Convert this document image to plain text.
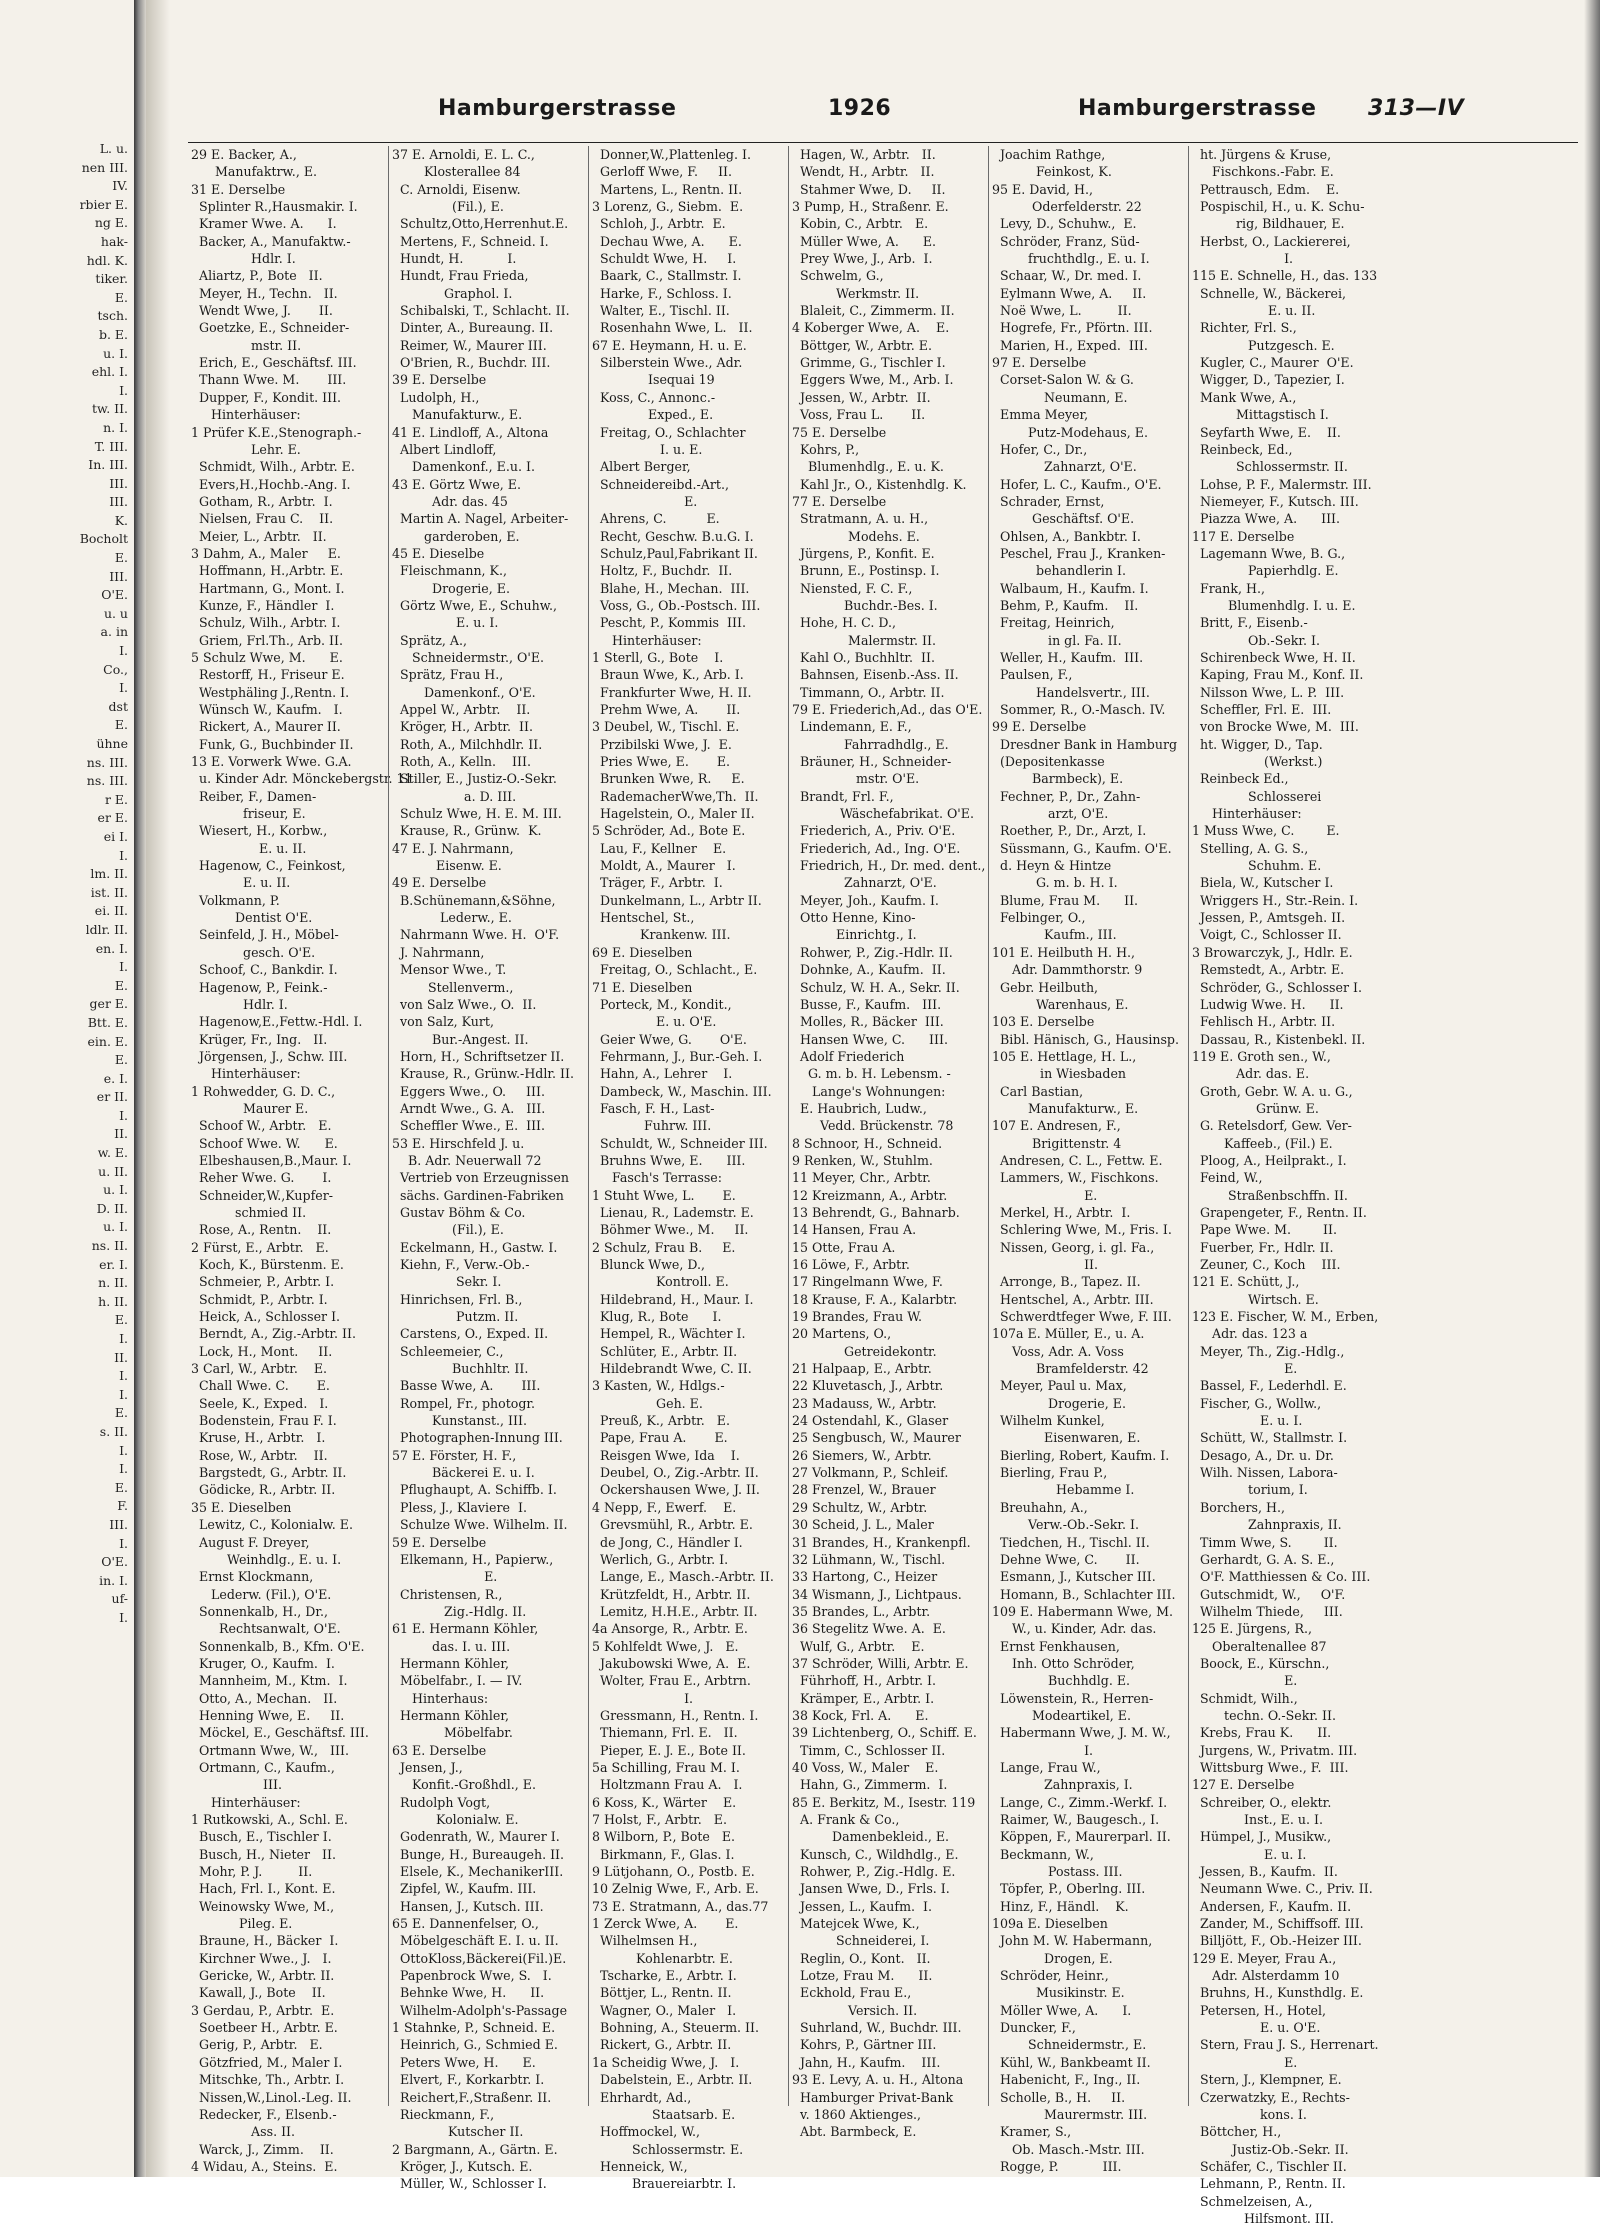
L. u.
nen III.
IV.
rbier E.
ng E.
hak-
hdl. K.
tiker.
E.
tsch.
b. E.
u. I.
ehl. I.
I.
tw. II.
n. I.
T. III.
In. III.
III.
III.
K.
Bocholt
E.
III.
O'E.
u. u
a. in
I.
Co.,
I.
dst
E.
ühne
ns. III.
ns. III.
r E.
er E.
ei I.
I.
lm. II.
ist. II.
ei. II.
ldlr. II.
en. I.
I.
E.
ger E.
Btt. E.
ein. E.
E.
e. I.
er II.
I.
II.
w. E.
u. II.
u. I.
D. II.
u. I.
ns. II.
er. I.
n. II.
h. II.
E.
I.
II.
I.
I.
E.
s. II.
I.
I.
E.
F.
III.
I.
O'E.
in. I.
uf-
I.
Hamburgerstrasse	1926	Hamburgerstrasse 313—IV
29 E. Backer, A.,
Manufaktrw., E.
31 E. Derselbe
Splinter R.,Hausmakir. I.
Kramer Wwe. A.      I.
Backer, A., Manufaktw.-
Hdlr. I.
Aliartz, P., Bote   II.
Meyer, H., Techn.   II.
Wendt Wwe, J.       II.
Goetzke, E., Schneider-
mstr. II.
Erich, E., Geschäftsf. III.
Thann Wwe. M.       III.
Dupper, F., Kondit. III.
Hinterhäuser:
1 Prüfer K.E.,Stenograph.-
Lehr. E.
Schmidt, Wilh., Arbtr. E.
Evers,H.,Hochb.-Ang. I.
Gotham, R., Arbtr.  I.
Nielsen, Frau C.    II.
Meier, L., Arbtr.   II.
3 Dahm, A., Maler     E.
Hoffmann, H.,Arbtr. E.
Hartmann, G., Mont. I.
Kunze, F., Händler  I.
Schulz, Wilh., Arbtr. I.
Griem, Frl.Th., Arb. II.
5 Schulz Wwe, M.      E.
Restorff, H., Friseur E.
Westphäling J.,Rentn. I.
Wünsch W., Kaufm.   I.
Rickert, A., Maurer II.
Funk, G., Buchbinder II.
13 E. Vorwerk Wwe. G.A.
u. Kinder Adr. Mönckebergstr. 11
Reiber, F., Damen-
friseur, E.
Wiesert, H., Korbw.,
E. u. II.
Hagenow, C., Feinkost,
E. u. II.
Volkmann, P.
Dentist O'E.
Seinfeld, J. H., Möbel-
gesch. O'E.
Schoof, C., Bankdir. I.
Hagenow, P., Feink.-
Hdlr. I.
Hagenow,E.,Fettw.-Hdl. I.
Krüger, Fr., Ing.   II.
Jörgensen, J., Schw. III.
Hinterhäuser:
1 Rohwedder, G. D. C.,
Maurer E.
Schoof W., Arbtr.   E.
Schoof Wwe. W.      E.
Elbeshausen,B.,Maur. I.
Reher Wwe. G.       I.
Schneider,W.,Kupfer-
schmied II.
Rose, A., Rentn.    II.
2 Fürst, E., Arbtr.   E.
Koch, K., Bürstenm. E.
Schmeier, P., Arbtr. I.
Schmidt, P., Arbtr. I.
Heick, A., Schlosser I.
Berndt, A., Zig.-Arbtr. II.
Lock, H., Mont.     II.
3 Carl, W., Arbtr.    E.
Chall Wwe. C.       E.
Seele, K., Exped.   I.
Bodenstein, Frau F. I.
Kruse, H., Arbtr.   I.
Rose, W., Arbtr.    II.
Bargstedt, G., Arbtr. II.
Gödicke, R., Arbtr. II.
35 E. Dieselben
Lewitz, C., Kolonialw. E.
August F. Dreyer,
Weinhdlg., E. u. I.
Ernst Klockmann,
Lederw. (Fil.), O'E.
Sonnenkalb, H., Dr.,
Rechtsanwalt, O'E.
Sonnenkalb, B., Kfm. O'E.
Kruger, O., Kaufm.  I.
Mannheim, M., Ktm.  I.
Otto, A., Mechan.   II.
Henning Wwe, E.     II.
Möckel, E., Geschäftsf. III.
Ortmann Wwe, W.,   III.
Ortmann, C., Kaufm.,
III.
Hinterhäuser:
1 Rutkowski, A., Schl. E.
Busch, E., Tischler I.
Busch, H., Nieter   II.
Mohr, P. J.         II.
Hach, Frl. I., Kont. E.
Weinowsky Wwe, M.,
Pileg. E.
Braune, H., Bäcker  I.
Kirchner Wwe., J.   I.
Gericke, W., Arbtr. II.
Kawall, J., Bote    II.
3 Gerdau, P., Arbtr.  E.
Soetbeer H., Arbtr. E.
Gerig, P., Arbtr.   E.
Götzfried, M., Maler I.
Mitschke, Th., Arbtr. I.
Nissen,W.,Linol.-Leg. II.
Redecker, F., Elsenb.-
Ass. II.
Warck, J., Zimm.    II.
4 Widau, A., Steins.  E.
37 E. Arnoldi, E. L. C.,
Klosterallee 84
C. Arnoldi, Eisenw.
(Fil.), E.
Schultz,Otto,Herrenhut.E.
Mertens, F., Schneid. I.
Hundt, H.           I.
Hundt, Frau Frieda,
Graphol. I.
Schibalski, T., Schlacht. II.
Dinter, A., Bureaung. II.
Reimer, W., Maurer III.
O'Brien, R., Buchdr. III.
39 E. Derselbe
Ludolph, H.,
Manufakturw., E.
41 E. Lindloff, A., Altona
Albert Lindloff,
Damenkonf., E.u. I.
43 E. Görtz Wwe, E.
Adr. das. 45
Martin A. Nagel, Arbeiter-
garderoben, E.
45 E. Dieselbe
Fleischmann, K.,
Drogerie, E.
Görtz Wwe, E., Schuhw.,
E. u. I.
Sprätz, A.,
Schneidermstr., O'E.
Sprätz, Frau H.,
Damenkonf., O'E.
Appel W., Arbtr.    II.
Kröger, H., Arbtr.  II.
Roth, A., Milchhdlr. II.
Roth, A., Kelln.    III.
Stiller, E., Justiz-O.-Sekr.
a. D. III.
Schulz Wwe, H. E. M. III.
Krause, R., Grünw.  K.
47 E. J. Nahrmann,
Eisenw. E.
49 E. Derselbe
B.Schünemann,&Söhne,
Lederw., E.
Nahrmann Wwe. H.  O'F.
J. Nahrmann,
Mensor Wwe., T.
Stellenverm.,
von Salz Wwe., O.  II.
von Salz, Kurt,
Bur.-Angest. II.
Horn, H., Schriftsetzer II.
Krause, R., Grünw.-Hdlr. II.
Eggers Wwe., O.     III.
Arndt Wwe., G. A.   III.
Scheffler Wwe., E.  III.
53 E. Hirschfeld J. u.
B. Adr. Neuerwall 72
Vertrieb von Erzeugnissen
sächs. Gardinen-Fabriken
Gustav Böhm & Co.
(Fil.), E.
Eckelmann, H., Gastw. I.
Kiehn, F., Verw.-Ob.-
Sekr. I.
Hinrichsen, Frl. B.,
Putzm. II.
Carstens, O., Exped. II.
Schleemeier, C.,
Buchhltr. II.
Basse Wwe, A.       III.
Rompel, Fr., photogr.
Kunstanst., III.
Photographen-Innung III.
57 E. Förster, H. F.,
Bäckerei E. u. I.
Pflughaupt, A. Schiffb. I.
Pless, J., Klaviere  I.
Schulze Wwe. Wilhelm. II.
59 E. Derselbe
Elkemann, H., Papierw.,
E.
Christensen, R.,
Zig.-Hdlg. II.
61 E. Hermann Köhler,
das. I. u. III.
Hermann Köhler,
Möbelfabr., I. — IV.
Hinterhaus:
Hermann Köhler,
Möbelfabr.
63 E. Derselbe
Jensen, J.,
Konfit.-Großhdl., E.
Rudolph Vogt,
Kolonialw. E.
Godenrath, W., Maurer I.
Bunge, H., Bureaugeh. II.
Elsele, K., MechanikerIII.
Zipfel, W., Kaufm. III.
Hansen, J., Kutsch. III.
65 E. Dannenfelser, O.,
Möbelgeschäft E. I. u. II.
OttoKloss,Bäckerei(Fil.)E.
Papenbrock Wwe, S.   I.
Behnke Wwe, H.      II.
Wilhelm-Adolph's-Passage
1 Stahnke, P., Schneid. E.
Heinrich, G., Schmied E.
Peters Wwe, H.      E.
Elvert, F., Korkarbtr. I.
Reichert,F.,Straßenr. II.
Rieckmann, F.,
Kutscher II.
2 Bargmann, A., Gärtn. E.
Kröger, J., Kutsch. E.
Müller, W., Schlosser I.
Donner,W.,Plattenleg. I.
Gerloff Wwe, F.     II.
Martens, L., Rentn. II.
3 Lorenz, G., Siebm.  E.
Schloh, J., Arbtr.  E.
Dechau Wwe, A.      E.
Schuldt Wwe, H.     I.
Baark, C., Stallmstr. I.
Harke, F., Schloss. I.
Walter, E., Tischl. II.
Rosenhahn Wwe, L.   II.
67 E. Heymann, H. u. E.
Silberstein Wwe., Adr.
Isequai 19
Koss, C., Annonc.-
Exped., E.
Freitag, O., Schlachter
I. u. E.
Albert Berger,
Schneidereibd.-Art.,
E.
Ahrens, C.          E.
Recht, Geschw. B.u.G. I.
Schulz,Paul,Fabrikant II.
Holtz, F., Buchdr.  II.
Blahe, H., Mechan.  III.
Voss, G., Ob.-Postsch. III.
Pescht, P., Kommis  III.
Hinterhäuser:
1 Sterll, G., Bote    I.
Braun Wwe, K., Arb. I.
Frankfurter Wwe, H. II.
Prehm Wwe, A.       II.
3 Deubel, W., Tischl. E.
Przibilski Wwe, J.  E.
Pries Wwe, E.       E.
Brunken Wwe, R.     E.
RademacherWwe,Th.  II.
Hagelstein, O., Maler II.
5 Schröder, Ad., Bote E.
Lau, F., Kellner    E.
Moldt, A., Maurer   I.
Träger, F., Arbtr.  I.
Dunkelmann, L., Arbtr II.
Hentschel, St.,
Krankenw. III.
69 E. Dieselben
Freitag, O., Schlacht., E.
71 E. Dieselben
Porteck, M., Kondit.,
E. u. O'E.
Geier Wwe, G.       O'E.
Fehrmann, J., Bur.-Geh. I.
Hahn, A., Lehrer    I.
Dambeck, W., Maschin. III.
Fasch, F. H., Last-
Fuhrw. III.
Schuldt, W., Schneider III.
Bruhns Wwe, E.      III.
Fasch's Terrasse:
1 Stuht Wwe, L.       E.
Lienau, R., Lademstr. E.
Böhmer Wwe., M.     II.
2 Schulz, Frau B.     E.
Blunck Wwe, D.,
Kontroll. E.
Hildebrand, H., Maur. I.
Klug, R., Bote      I.
Hempel, R., Wächter I.
Schlüter, E., Arbtr. II.
Hildebrandt Wwe, C. II.
3 Kasten, W., Hdlgs.-
Geh. E.
Preuß, K., Arbtr.   E.
Pape, Frau A.       E.
Reisgen Wwe, Ida    I.
Deubel, O., Zig.-Arbtr. II.
Ockershausen Wwe, J. II.
4 Nepp, F., Ewerf.    E.
Grevsmühl, R., Arbtr. E.
de Jong, C., Händler I.
Werlich, G., Arbtr. I.
Lange, E., Masch.-Arbtr. II.
Krützfeldt, H., Arbtr. II.
Lemitz, H.H.E., Arbtr. II.
4a Ansorge, R., Arbtr. E.
5 Kohlfeldt Wwe, J.   E.
Jakubowski Wwe, A.  E.
Wolter, Frau E., Arbtrn.
I.
Gressmann, H., Rentn. I.
Thiemann, Frl. E.   II.
Pieper, E. J. E., Bote II.
5a Schilling, Frau M. I.
Holtzmann Frau A.   I.
6 Koss, K., Wärter    E.
7 Holst, F., Arbtr.   E.
8 Wilborn, P., Bote   E.
Birkmann, F., Glas. I.
9 Lütjohann, O., Postb. E.
10 Zelnig Wwe, F., Arb. E.
73 E. Stratmann, A., das.77
1 Zerck Wwe, A.       E.
Wilhelmsen H.,
Kohlenarbtr. E.
Tscharke, E., Arbtr. I.
Böttjer, L., Rentn. II.
Wagner, O., Maler   I.
Bohning, A., Steuerm. II.
Rickert, G., Arbtr. II.
1a Scheidig Wwe, J.   I.
Dabelstein, E., Arbtr. II.
Ehrhardt, Ad.,
Staatsarb. E.
Hoffmockel, W.,
Schlossermstr. E.
Henneick, W.,
Brauereiarbtr. I.
Hagen, W., Arbtr.   II.
Wendt, H., Arbtr.   II.
Stahmer Wwe, D.     II.
3 Pump, H., Straßenr. E.
Kobin, C., Arbtr.   E.
Müller Wwe, A.      E.
Prey Wwe, J., Arb.  I.
Schwelm, G.,
Werkmstr. II.
Blaleit, C., Zimmerm. II.
4 Koberger Wwe, A.    E.
Böttger, W., Arbtr. E.
Grimme, G., Tischler I.
Eggers Wwe, M., Arb. I.
Jessen, W., Arbtr.  II.
Voss, Frau L.       II.
75 E. Derselbe
Kohrs, P.,
Blumenhdlg., E. u. K.
Kahl Jr., O., Kistenhdlg. K.
77 E. Derselbe
Stratmann, A. u. H.,
Modehs. E.
Jürgens, P., Konfit. E.
Brunn, E., Postinsp. I.
Niensted, F. C. F.,
Buchdr.-Bes. I.
Hohe, H. C. D.,
Malermstr. II.
Kahl O., Buchhltr.  II.
Bahnsen, Eisenb.-Ass. II.
Timmann, O., Arbtr. II.
79 E. Friederich,Ad., das O'E.
Lindemann, E. F.,
Fahrradhdlg., E.
Bräuner, H., Schneider-
mstr. O'E.
Brandt, Frl. F.,
Wäschefabrikat. O'E.
Friederich, A., Priv. O'E.
Friederich, Ad., Ing. O'E.
Friedrich, H., Dr. med. dent.,
Zahnarzt, O'E.
Meyer, Joh., Kaufm. I.
Otto Henne, Kino-
Einrichtg., I.
Rohwer, P., Zig.-Hdlr. II.
Dohnke, A., Kaufm.  II.
Schulz, W. H. A., Sekr. II.
Busse, F., Kaufm.   III.
Molles, R., Bäcker  III.
Hansen Wwe, C.      III.
Adolf Friederich
G. m. b. H. Lebensm. -
Lange's Wohnungen:
E. Haubrich, Ludw.,
Vedd. Brückenstr. 78
8 Schnoor, H., Schneid.
9 Renken, W., Stuhlm.
11 Meyer, Chr., Arbtr.
12 Kreizmann, A., Arbtr.
13 Behrendt, G., Bahnarb.
14 Hansen, Frau A.
15 Otte, Frau A.
16 Löwe, F., Arbtr.
17 Ringelmann Wwe, F.
18 Krause, F. A., Kalarbtr.
19 Brandes, Frau W.
20 Martens, O.,
Getreidekontr.
21 Halpaap, E., Arbtr.
22 Kluvetasch, J., Arbtr.
23 Madauss, W., Arbtr.
24 Ostendahl, K., Glaser
25 Sengbusch, W., Maurer
26 Siemers, W., Arbtr.
27 Volkmann, P., Schleif.
28 Frenzel, W., Brauer
29 Schultz, W., Arbtr.
30 Scheid, J. L., Maler
31 Brandes, H., Krankenpfl.
32 Lühmann, W., Tischl.
33 Hartong, C., Heizer
34 Wismann, J., Lichtpaus.
35 Brandes, L., Arbtr.
36 Stegelitz Wwe. A.  E.
Wulf, G., Arbtr.    E.
37 Schröder, Willi, Arbtr. E.
Führhoff, H., Arbtr. I.
Krämper, E., Arbtr. I.
38 Kock, Frl. A.      E.
39 Lichtenberg, O., Schiff. E.
Timm, C., Schlosser II.
40 Voss, W., Maler    E.
Hahn, G., Zimmerm.  I.
85 E. Berkitz, M., Isestr. 119
A. Frank & Co.,
Damenbekleid., E.
Kunsch, C., Wildhdlg., E.
Rohwer, P., Zig.-Hdlg. E.
Jansen Wwe, D., Frls. I.
Jessen, L., Kaufm.  I.
Matejcek Wwe, K.,
Schneiderei, I.
Reglin, O., Kont.   II.
Lotze, Frau M.      II.
Eckhold, Frau E.,
Versich. II.
Suhrland, W., Buchdr. III.
Kohrs, P., Gärtner III.
Jahn, H., Kaufm.    III.
93 E. Levy, A. u. H., Altona
Hamburger Privat-Bank
v. 1860 Aktienges.,
Abt. Barmbeck, E.
Joachim Rathge,
Feinkost, K.
95 E. David, H.,
Oderfelderstr. 22
Levy, D., Schuhw.,  E.
Schröder, Franz, Süd-
fruchthdlg., E. u. I.
Schaar, W., Dr. med. I.
Eylmann Wwe, A.     II.
Noë Wwe, L.         II.
Hogrefe, Fr., Pförtn. III.
Marien, H., Exped.  III.
97 E. Derselbe
Corset-Salon W. & G.
Neumann, E.
Emma Meyer,
Putz-Modehaus, E.
Hofer, C., Dr.,
Zahnarzt, O'E.
Hofer, L. C., Kaufm., O'E.
Schrader, Ernst,
Geschäftsf. O'E.
Ohlsen, A., Bankbtr. I.
Peschel, Frau J., Kranken-
behandlerin I.
Walbaum, H., Kaufm. I.
Behm, P., Kaufm.    II.
Freitag, Heinrich,
in gl. Fa. II.
Weller, H., Kaufm.  III.
Paulsen, F.,
Handelsvertr., III.
Sommer, R., O.-Masch. IV.
99 E. Derselbe
Dresdner Bank in Hamburg
(Depositenkasse
Barmbeck), E.
Fechner, P., Dr., Zahn-
arzt, O'E.
Roether, P., Dr., Arzt, I.
Süssmann, G., Kaufm. O'E.
d. Heyn & Hintze
G. m. b. H. I.
Blume, Frau M.      II.
Felbinger, O.,
Kaufm., III.
101 E. Heilbuth H. H.,
Adr. Dammthorstr. 9
Gebr. Heilbuth,
Warenhaus, E.
103 E. Derselbe
Bibl. Hänisch, G., Hausinsp.
105 E. Hettlage, H. L.,
in Wiesbaden
Carl Bastian,
Manufakturw., E.
107 E. Andresen, F.,
Brigittenstr. 4
Andresen, C. L., Fettw. E.
Lammers, W., Fischkons.
E.
Merkel, H., Arbtr.  I.
Schlering Wwe, M., Fris. I.
Nissen, Georg, i. gl. Fa.,
II.
Arronge, B., Tapez. II.
Hentschel, A., Arbtr. III.
Schwerdtfeger Wwe, F. III.
107a E. Müller, E., u. A.
Voss, Adr. A. Voss
Bramfelderstr. 42
Meyer, Paul u. Max,
Drogerie, E.
Wilhelm Kunkel,
Eisenwaren, E.
Bierling, Robert, Kaufm. I.
Bierling, Frau P.,
Hebamme I.
Breuhahn, A.,
Verw.-Ob.-Sekr. I.
Tiedchen, H., Tischl. II.
Dehne Wwe, C.       II.
Esmann, J., Kutscher III.
Homann, B., Schlachter III.
109 E. Habermann Wwe, M.
W., u. Kinder, Adr. das.
Ernst Fenkhausen,
Inh. Otto Schröder,
Buchhdlg. E.
Löwenstein, R., Herren-
Modeartikel, E.
Habermann Wwe, J. M. W.,
I.
Lange, Frau W.,
Zahnpraxis, I.
Lange, C., Zimm.-Werkf. I.
Raimer, W., Baugesch., I.
Köppen, F., Maurerparl. II.
Beckmann, W.,
Postass. III.
Töpfer, P., Oberlng. III.
Hinz, F., Händl.    K.
109a E. Dieselben
John M. W. Habermann,
Drogen, E.
Schröder, Heinr.,
Musikinstr. E.
Möller Wwe, A.      I.
Duncker, F.,
Schneidermstr., E.
Kühl, W., Bankbeamt II.
Habenicht, F., Ing., II.
Scholle, B., H.     II.
Maurermstr. III.
Kramer, S.,
Ob. Masch.-Mstr. III.
Rogge, P.           III.
ht. Jürgens & Kruse,
Fischkons.-Fabr. E.
Pettrausch, Edm.    E.
Pospischil, H., u. K. Schu-
rig, Bildhauer, E.
Herbst, O., Lackiererei,
I.
115 E. Schnelle, H., das. 133
Schnelle, W., Bäckerei,
E. u. II.
Richter, Frl. S.,
Putzgesch. E.
Kugler, C., Maurer  O'E.
Wigger, D., Tapezier, I.
Mank Wwe, A.,
Mittagstisch I.
Seyfarth Wwe, E.    II.
Reinbeck, Ed.,
Schlossermstr. II.
Lohse, P. F., Malermstr. III.
Niemeyer, F., Kutsch. III.
Piazza Wwe, A.      III.
117 E. Derselbe
Lagemann Wwe, B. G.,
Papierhdlg. E.
Frank, H.,
Blumenhdlg. I. u. E.
Britt, F., Eisenb.-
Ob.-Sekr. I.
Schirenbeck Wwe, H. II.
Kaping, Frau M., Konf. II.
Nilsson Wwe, L. P.  III.
Scheffler, Frl. E.  III.
von Brocke Wwe, M.  III.
ht. Wigger, D., Tap.
(Werkst.)
Reinbeck Ed.,
Schlosserei
Hinterhäuser:
1 Muss Wwe, C.        E.
Stelling, A. G. S.,
Schuhm. E.
Biela, W., Kutscher I.
Wriggers H., Str.-Rein. I.
Jessen, P., Amtsgeh. II.
Voigt, C., Schlosser II.
3 Browarczyk, J., Hdlr. E.
Remstedt, A., Arbtr. E.
Schröder, G., Schlosser I.
Ludwig Wwe. H.      II.
Fehlisch H., Arbtr. II.
Dassau, R., Kistenbekl. II.
119 E. Groth sen., W.,
Adr. das. E.
Groth, Gebr. W. A. u. G.,
Grünw. E.
G. Retelsdorf, Gew. Ver-
Kaffeeb., (Fil.) E.
Ploog, A., Heilprakt., I.
Feind, W.,
Straßenbschffn. II.
Grapengeter, F., Rentn. II.
Pape Wwe. M.        II.
Fuerber, Fr., Hdlr. II.
Zeuner, C., Koch    III.
121 E. Schütt, J.,
Wirtsch. E.
123 E. Fischer, W. M., Erben,
Adr. das. 123 a
Meyer, Th., Zig.-Hdlg.,
E.
Bassel, F., Lederhdl. E.
Fischer, G., Wollw.,
E. u. I.
Schütt, W., Stallmstr. I.
Desago, A., Dr. u. Dr.
Wilh. Nissen, Labora-
torium, I.
Borchers, H.,
Zahnpraxis, II.
Timm Wwe, S.        II.
Gerhardt, G. A. S. E.,
O'F. Matthiessen & Co. III.
Gutschmidt, W.,     O'F.
Wilhelm Thiede,     III.
125 E. Jürgens, R.,
Oberaltenallee 87
Boock, E., Kürschn.,
E.
Schmidt, Wilh.,
techn. O.-Sekr. II.
Krebs, Frau K.      II.
Jurgens, W., Privatm. III.
Wittsburg Wwe., F.  III.
127 E. Derselbe
Schreiber, O., elektr.
Inst., E. u. I.
Hümpel, J., Musikw.,
E. u. I.
Jessen, B., Kaufm.  II.
Neumann Wwe. C., Priv. II.
Andersen, F., Kaufm. II.
Zander, M., Schiffsoff. III.
Billjött, F., Ob.-Heizer III.
129 E. Meyer, Frau A.,
Adr. Alsterdamm 10
Bruhns, H., Kunsthdlg. E.
Petersen, H., Hotel,
E. u. O'E.
Stern, Frau J. S., Herrenart.
E.
Stern, J., Klempner, E.
Czerwatzky, E., Rechts-
kons. I.
Böttcher, H.,
Justiz-Ob.-Sekr. II.
Schäfer, C., Tischler II.
Lehmann, P., Rentn. II.
Schmelzeisen, A.,
Hilfsmont. III.
